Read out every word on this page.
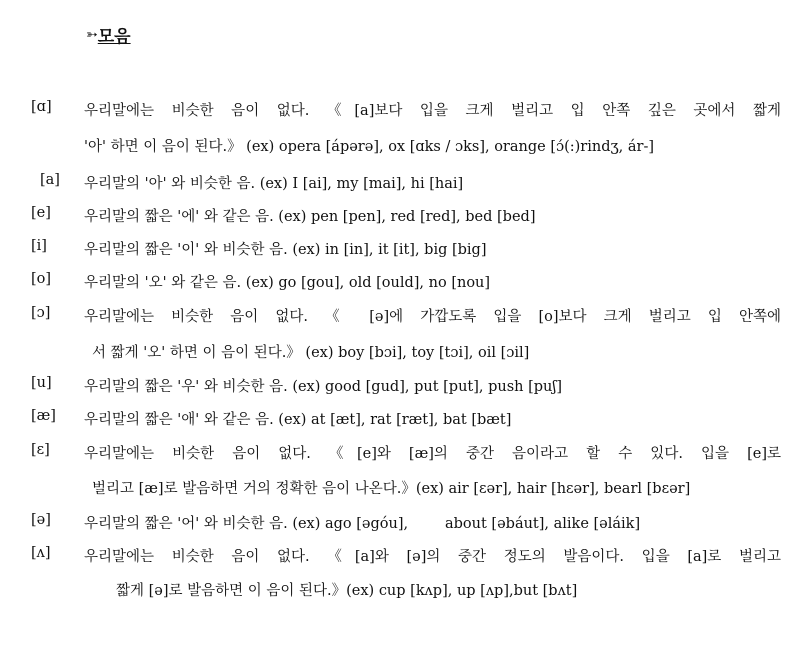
➳ 모음
[ɑ] 우리말에는 비슷한 음이 없다. 《[a]보다 입을 크게 벌리고 입 안쪽 깊은 곳에서 짧게
'아' 하면 이 음이 된다.》 (ex) opera [ápərə], ox [ɑks / ɔks], orange [ɔ́(:)rindʒ, ár-]
[a] 우리말의 '아' 와 비슷한 음. (ex) I [ai], my [mai], hi [hai]
[e] 우리말의 짧은 '에' 와 같은 음. (ex) pen [pen], red [red], bed [bed]
[i]	우리말의 짧은 '이' 와 비슷한 음. (ex) in [in], it [it], big [big]
[o] 우리말의 '오' 와 같은 음. (ex) go [gou], old [ould], no [nou]
[ɔ] 우리말에는 비슷한 음이 없다. 《 [ə]에 가깝도록 입을 [o]보다 크게 벌리고 입 안쪽에
서 짧게 '오' 하면 이 음이 된다.》 (ex) boy [bɔi], toy [tɔi], oil [ɔil]
[u] 우리말의 짧은 '우' 와 비슷한 음. (ex) good [gud], put [put], push [puʃ]
[æ] 우리말의 짧은 '애' 와 같은 음. (ex) at [æt], rat [ræt], bat [bæt]
[ɛ] 우리말에는 비슷한 음이 없다. 《[e]와 [æ]의 중간 음이라고 할 수 있다. 입을 [e]로
벌리고 [æ]로 발음하면 거의 정확한 음이 나온다.》(ex) air [ɛər], hair [hɛər], bearl [bɛər]
[ə] 우리말의 짧은 '어' 와 비슷한 음. (ex) ago [əgóu],        about [əbáut], alike [əláik]
[ʌ] 우리말에는 비슷한 음이 없다. 《[a]와 [ə]의 중간 정도의 발음이다. 입을 [a]로 벌리고
짧게 [ə]로 발음하면 이 음이 된다.》(ex) cup [kʌp], up [ʌp],but [bʌt]
